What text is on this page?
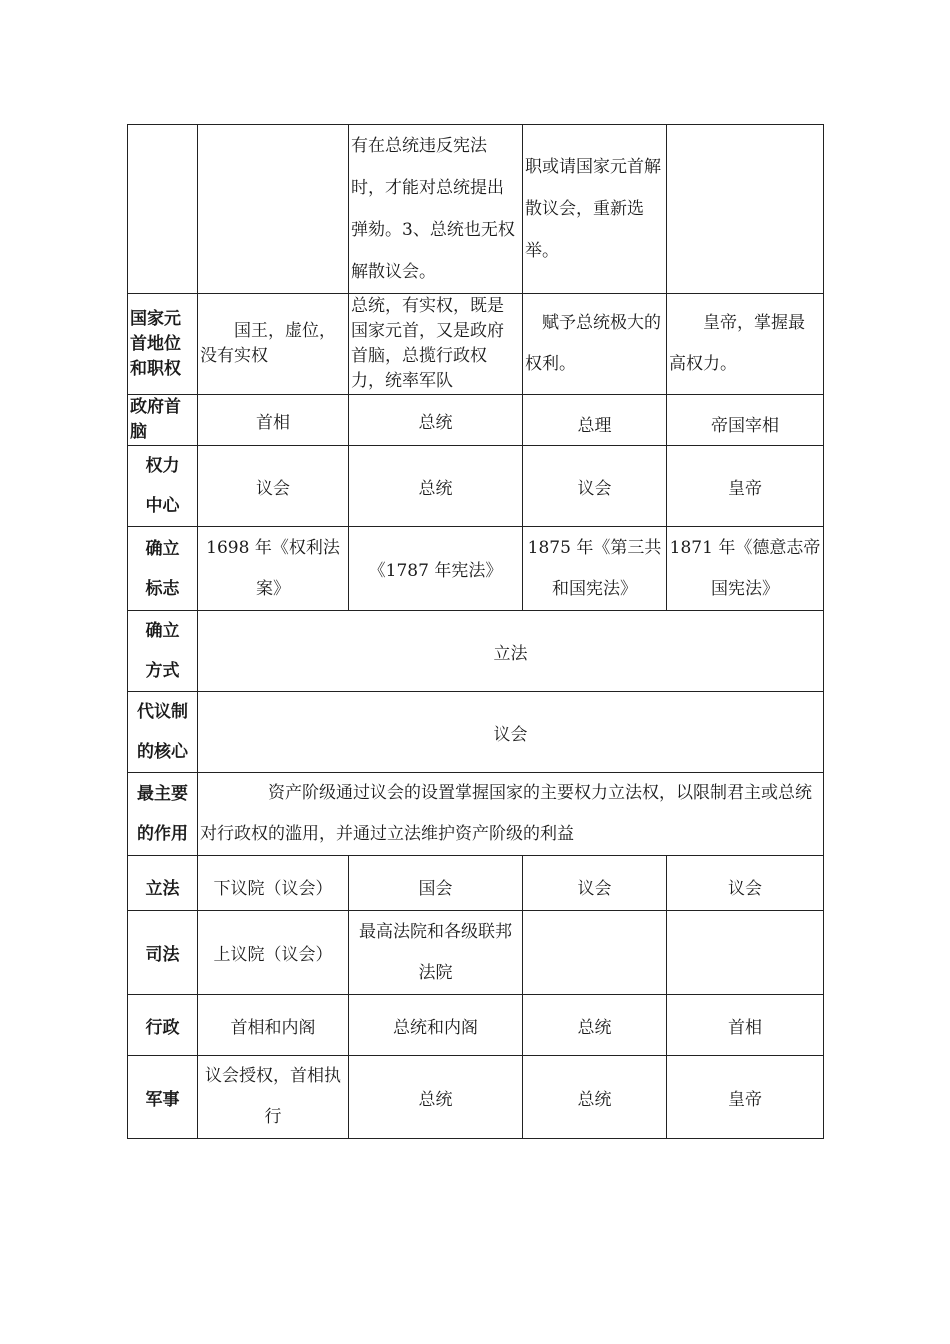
		有在总统违反宪法时，才能对总统提出弹劾。3、总统也无权解散议会。	职或请国家元首解散议会，重新选举。	
国家元首地位和职权	国王，虚位，没有实权	总统，有实权，既是国家元首，又是政府首脑，总揽行政权力，统率军队	赋予总统极大的权利。	皇帝，掌握最高权力。
政府首脑	首相	总统	总理	帝国宰相
权力中心	议会	总统	议会	皇帝
确立标志	1698 年《权利法案》	《1787 年宪法》	1875 年《第三共和国宪法》	1871 年《德意志帝国宪法》
确立方式	立法			
代议制的核心	议会			
最主要的作用	资产阶级通过议会的设置掌握国家的主要权力立法权，以限制君主或总统对行政权的滥用，并通过立法维护资产阶级的利益			
立法	下议院（议会）	国会	议会	议会
司法	上议院（议会）	最高法院和各级联邦法院		
行政	首相和内阁	总统和内阁	总统	首相
军事	议会授权，首相执行	总统	总统	皇帝
